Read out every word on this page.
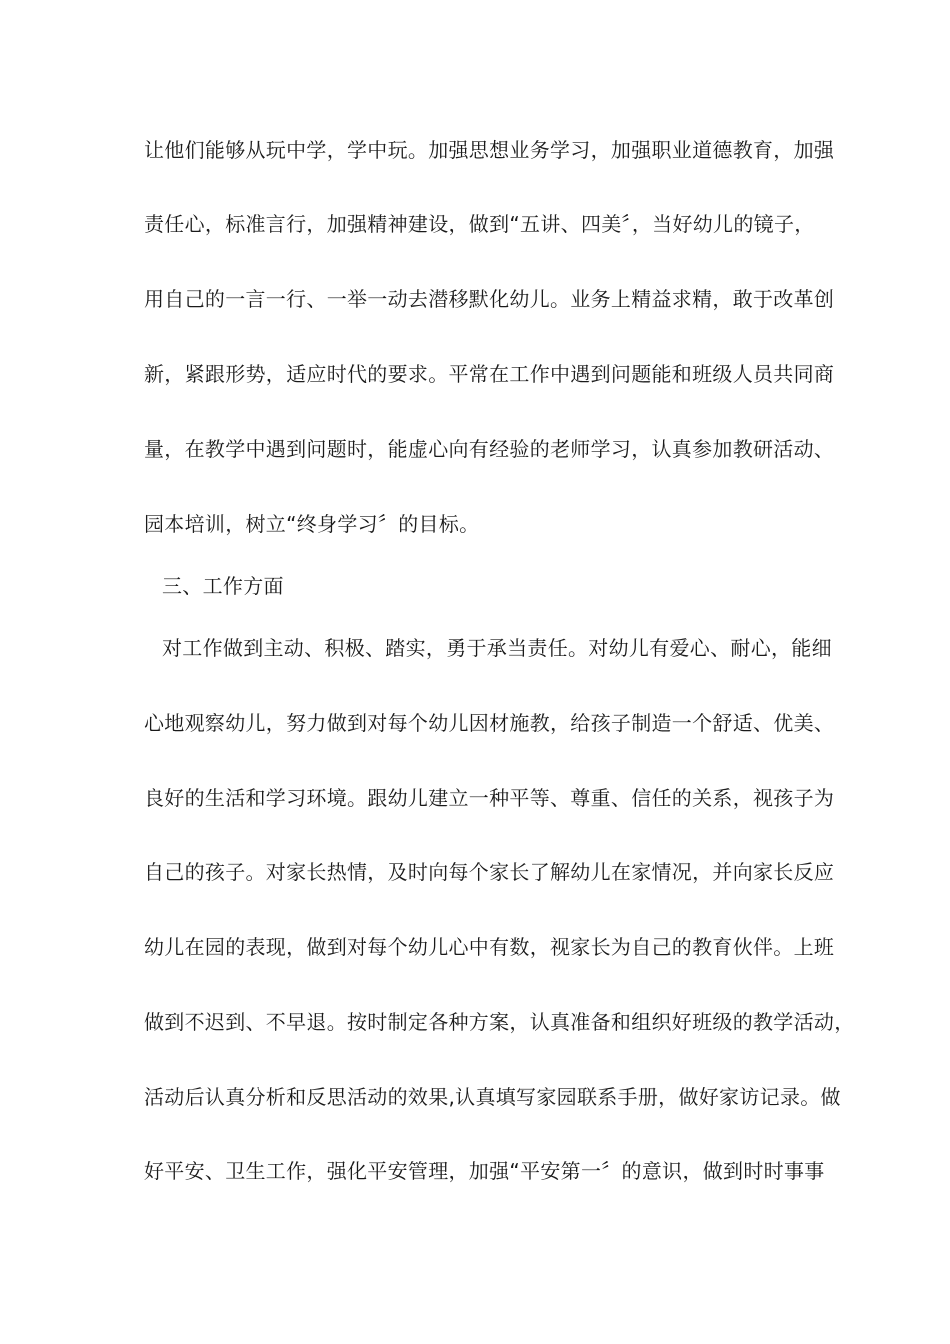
让他们能够从玩中学，学中玩。加强思想业务学习，加强职业道德教育，加强
责任心，标准言行，加强精神建设，做到“五讲、四美〞，当好幼儿的镜子，
用自己的一言一行、一举一动去潜移默化幼儿。业务上精益求精，敢于改革创
新，紧跟形势，适应时代的要求。平常在工作中遇到问题能和班级人员共同商
量，在教学中遇到问题时，能虚心向有经验的老师学习，认真参加教研活动、
园本培训，树立“终身学习〞的目标。
三、工作方面
对工作做到主动、积极、踏实，勇于承当责任。对幼儿有爱心、耐心，能细
心地观察幼儿，努力做到对每个幼儿因材施教，给孩子制造一个舒适、优美、
良好的生活和学习环境。跟幼儿建立一种平等、尊重、信任的关系，视孩子为
自己的孩子。对家长热情，及时向每个家长了解幼儿在家情况，并向家长反应
幼儿在园的表现，做到对每个幼儿心中有数，视家长为自己的教育伙伴。上班
做到不迟到、不早退。按时制定各种方案，认真准备和组织好班级的教学活动，
活动后认真分析和反思活动的效果,认真填写家园联系手册，做好家访记录。做
好平安、卫生工作，强化平安管理，加强“平安第一〞的意识，做到时时事事
